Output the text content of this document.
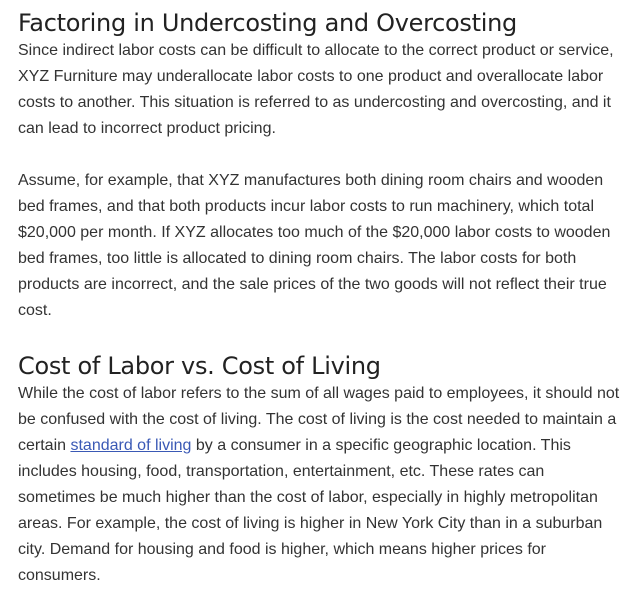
Factoring in Undercosting and Overcosting

Since indirect labor costs can be difficult to allocate to the correct product or service, XYZ Furniture may underallocate labor costs to one product and overallocate labor costs to another. This situation is referred to as undercosting and overcosting, and it can lead to incorrect product pricing.

Assume, for example, that XYZ manufactures both dining room chairs and wooden bed frames, and that both products incur labor costs to run machinery, which total $20,000 per month. If XYZ allocates too much of the $20,000 labor costs to wooden bed frames, too little is allocated to dining room chairs. The labor costs for both products are incorrect, and the sale prices of the two goods will not reflect their true cost.

Cost of Labor vs. Cost of Living

While the cost of labor refers to the sum of all wages paid to employees, it should not be confused with the cost of living. The cost of living is the cost needed to maintain a certain standard of living by a consumer in a specific geographic location. This includes housing, food, transportation, entertainment, etc. These rates can sometimes be much higher than the cost of labor, especially in highly metropolitan areas. For example, the cost of living is higher in New York City than in a suburban city. Demand for housing and food is higher, which means higher prices for consumers.
